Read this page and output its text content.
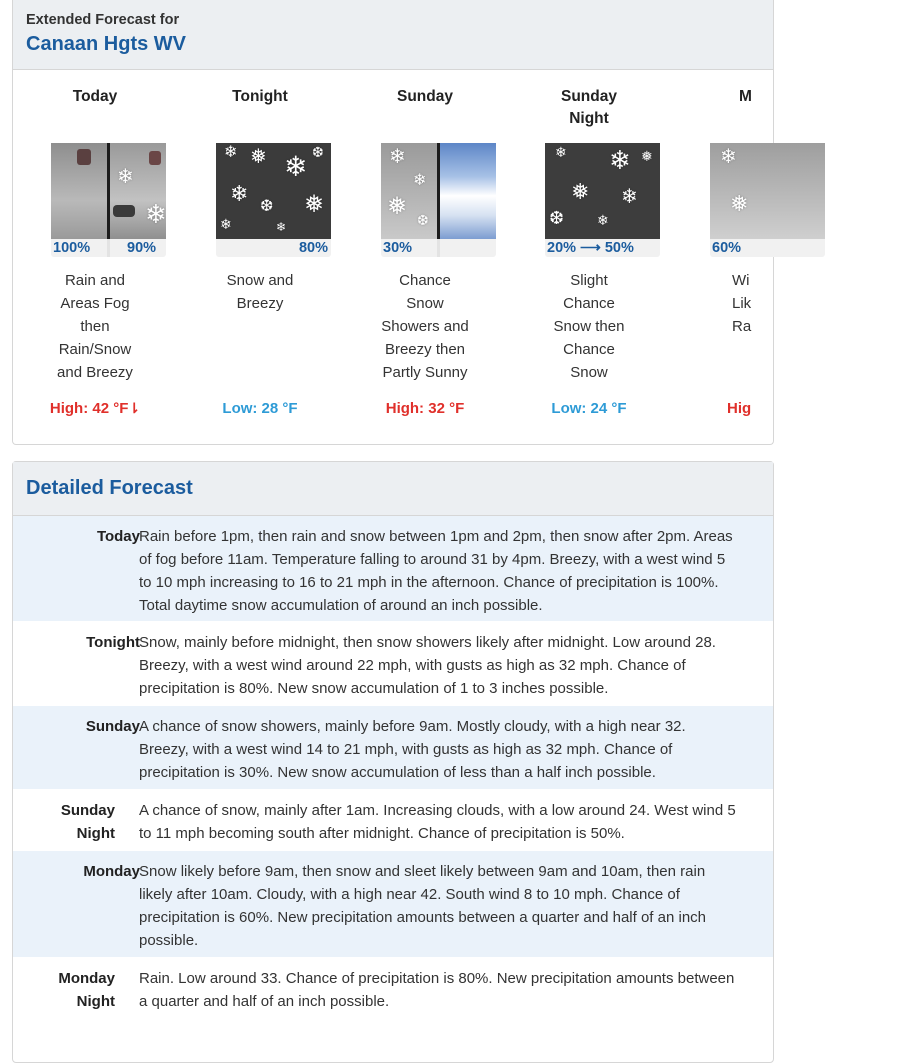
Extended Forecast for
Canaan Hgts WV
Today
❄
❄
100%	90%
Rain and Areas Fog then Rain/Snow and Breezy
High: 42 °F⇂
Tonight
❄ ❅ ❄ ❆
❄
❆ ❅
❄	❄
80%
Snow and Breezy
Low: 28 °F
Sunday
❄
❄
❅ ❆
30%
Chance Snow Showers and Breezy then Partly Sunny
High: 32 °F
Sunday Night
❄ ❄ ❅
❅ ❄
❆ ❄
20% ⟶ 50%
Slight Chance Snow then Chance Snow
Low: 24 °F
M
❄
❅
60%
Wi Lik Ra
Hig
Detailed Forecast
Today Rain before 1pm, then rain and snow between 1pm and 2pm, then snow after 2pm. Areas of fog before 11am. Temperature falling to around 31 by 4pm. Breezy, with a west wind 5 to 10 mph increasing to 16 to 21 mph in the afternoon. Chance of precipitation is 100%. Total daytime snow accumulation of around an inch possible.
Tonight Snow, mainly before midnight, then snow showers likely after midnight. Low around 28. Breezy, with a west wind around 22 mph, with gusts as high as 32 mph. Chance of precipitation is 80%. New snow accumulation of 1 to 3 inches possible.
Sunday A chance of snow showers, mainly before 9am. Mostly cloudy, with a high near 32. Breezy, with a west wind 14 to 21 mph, with gusts as high as 32 mph. Chance of precipitation is 30%. New snow accumulation of less than a half inch possible.
Sunday Night
A chance of snow, mainly after 1am. Increasing clouds, with a low around 24. West wind 5 to 11 mph becoming south after midnight. Chance of precipitation is 50%.
Monday Snow likely before 9am, then snow and sleet likely between 9am and 10am, then rain likely after 10am. Cloudy, with a high near 42. South wind 8 to 10 mph. Chance of precipitation is 60%. New precipitation amounts between a quarter and half of an inch possible.
Monday Night
Rain. Low around 33. Chance of precipitation is 80%. New precipitation amounts between a quarter and half of an inch possible.
